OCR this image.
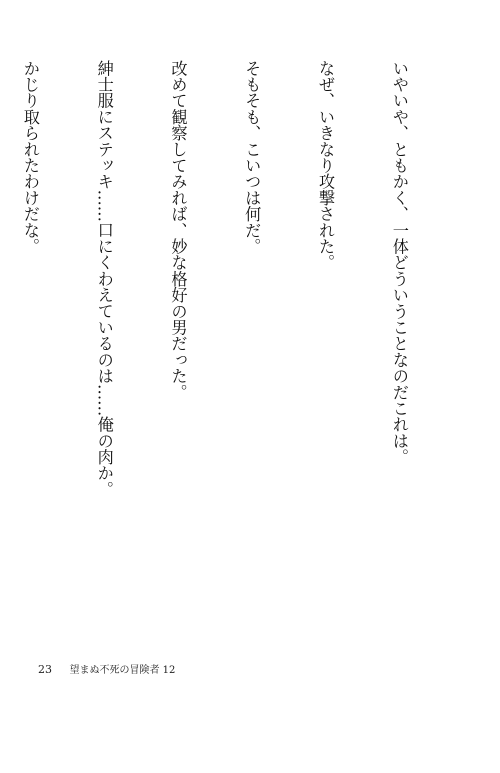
いやいや、ともかく、一体どういうことなのだこれは。

なぜ、いきなり攻撃された。

そもそも、こいつは何だ。

改めて観察してみれば、妙な格好の男だった。

紳士服にステッキ……口にくわえているのは……俺の肉か。

かじり取られたわけだな。

23 望まぬ不死の冒険者 12
